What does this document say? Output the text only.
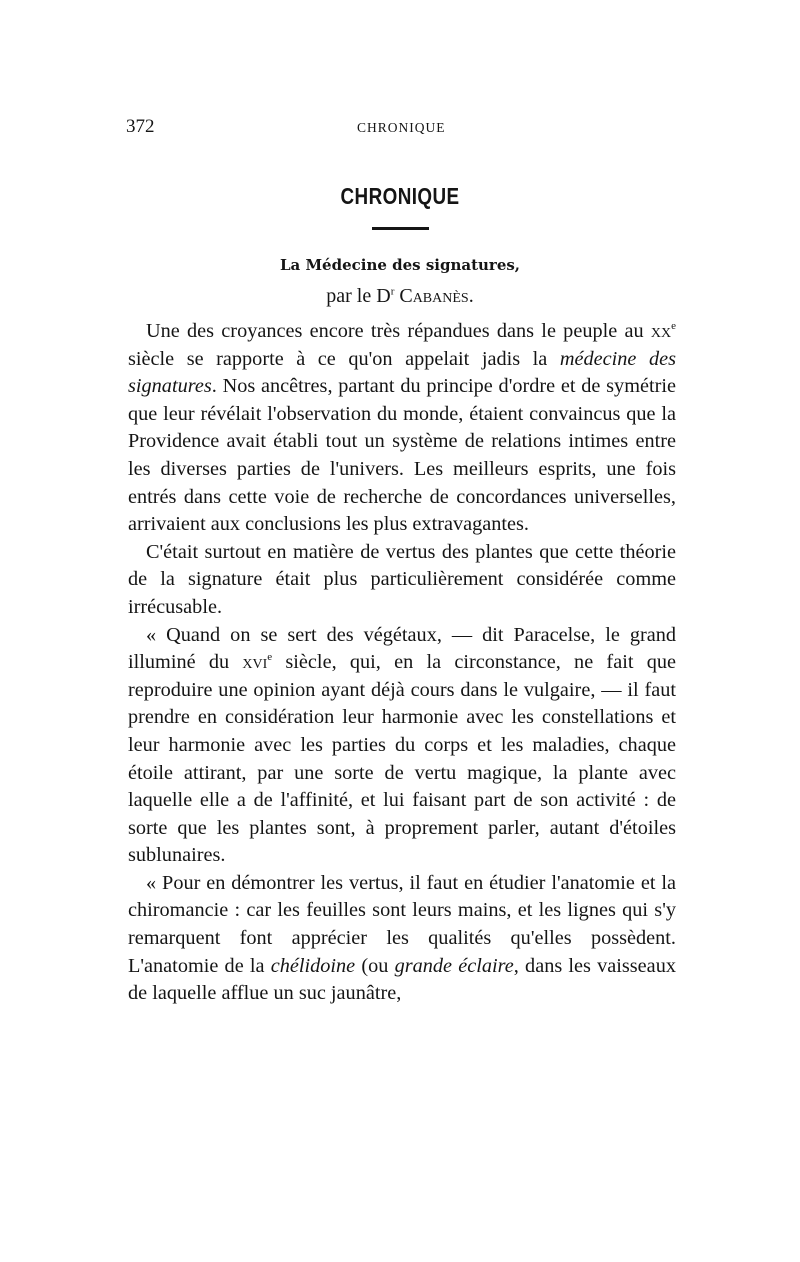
372	CHRONIQUE
CHRONIQUE
La Médecine des signatures,
par le $D^r$ Cabanès.

Une des croyances encore très répandues dans le peuple au $xx^e$ siècle se rapporte à ce qu'on appelait jadis la médecine des signatures. Nos ancêtres, partant du principe d'ordre et de symétrie que leur révélait l'observation du monde, étaient convaincus que la Providence avait établi tout un système de relations intimes entre les diverses parties de l'univers. Les meilleurs esprits, une fois entrés dans cette voie de recherche de concordances universelles, arrivaient aux conclusions les plus extravagantes.

C'était surtout en matière de vertus des plantes que cette théorie de la signature était plus particulièrement considérée comme irrécusable.

« Quand on se sert des végétaux, — dit Paracelse, le grand illuminé du xvi$^e$ siècle, qui, en la circonstance, ne fait que reproduire une opinion ayant déjà cours dans le vulgaire, — il faut prendre en considération leur harmonie avec les constellations et leur harmonie avec les parties du corps et les maladies, chaque étoile attirant, par une sorte de vertu magique, la plante avec laquelle elle a de l'affinité, et lui faisant part de son activité : de sorte que les plantes sont, à proprement parler, autant d'étoiles sublunaires.

« Pour en démontrer les vertus, il faut en étudier l'anatomie et la chiromancie : car les feuilles sont leurs mains, et les lignes qui s'y remarquent font apprécier les qualités qu'elles possèdent. L'anatomie de la chélidoine (ou grande éclaire, dans les vaisseaux de laquelle afflue un suc jaunâtre,
